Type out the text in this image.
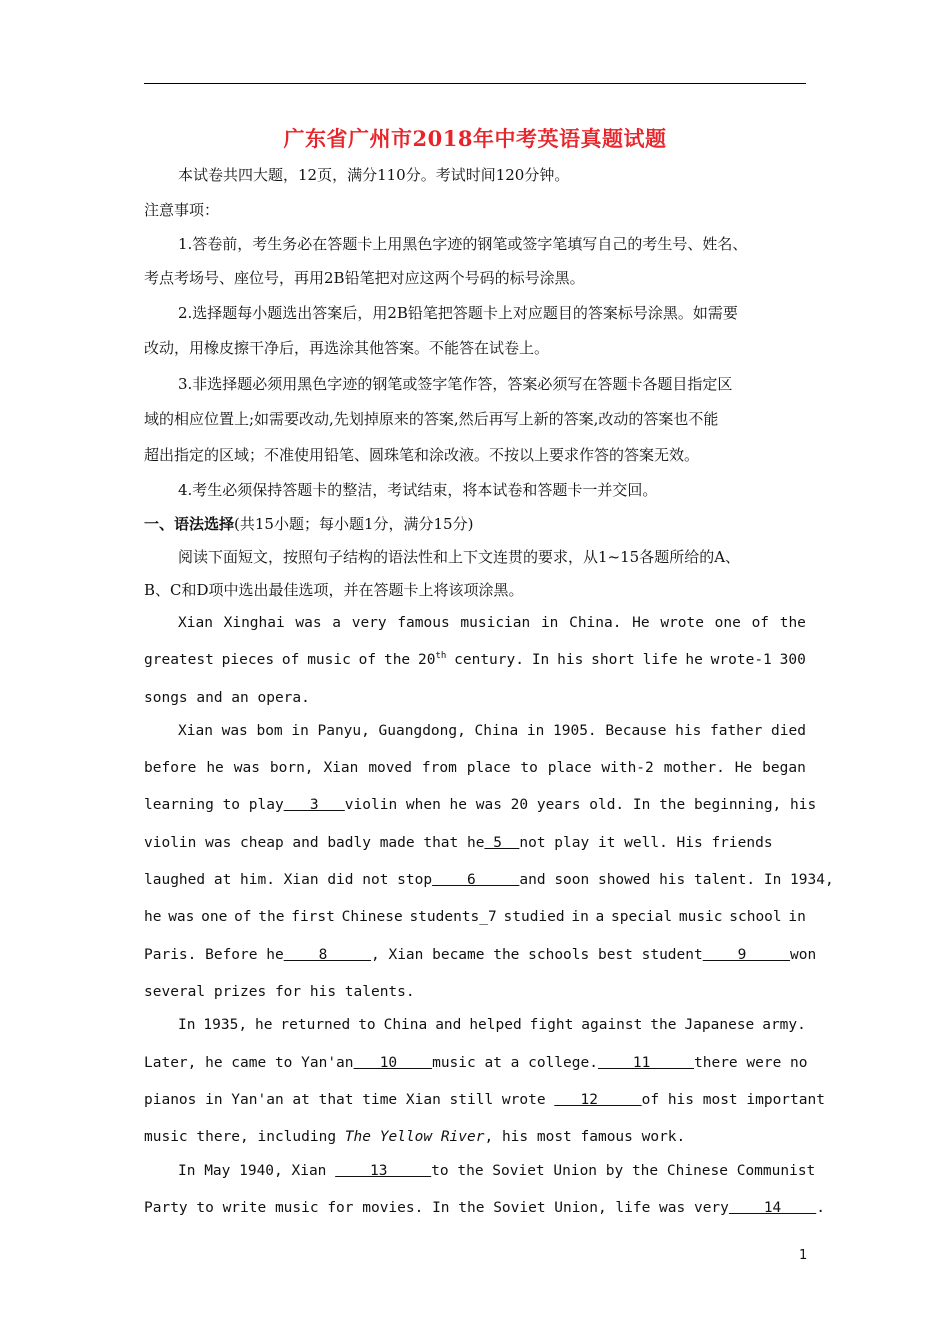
广东省广州市2018年中考英语真题试题
本试卷共四大题，12页，满分110分。考试时间120分钟。
注意事项：
1.答卷前，考生务必在答题卡上用黑色字迹的钢笔或签字笔填写自己的考生号、姓名、
考点考场号、座位号，再用2B铅笔把对应这两个号码的标号涂黑。
2.选择题每小题选出答案后，用2B铅笔把答题卡上对应题目的答案标号涂黑。如需要
改动，用橡皮擦干净后，再选涂其他答案。不能答在试卷上。
3.非选择题必须用黑色字迹的钢笔或签字笔作答，答案必须写在答题卡各题目指定区
域的相应位置上;如需要改动,先划掉原来的答案,然后再写上新的答案,改动的答案也不能
超出指定的区域；不准使用铅笔、圆珠笔和涂改液。不按以上要求作答的答案无效。
4.考生必须保持答题卡的整洁，考试结束，将本试卷和答题卡一并交回。
一、语法选择(共15小题；每小题1分，满分15分)
阅读下面短文，按照句子结构的语法性和上下文连贯的要求，从1~15各题所给的A、
B、C和D项中选出最佳选项，并在答题卡上将该项涂黑。
Xian Xinghai was a very famous musician in China. He wrote one of the
greatest pieces of music of the 20th century. In his short life he wrote-1 300
songs and an opera.
Xian was bom in Panyu, Guangdong, China in 1905. Because his father died
before he was born, Xian moved from place to place with-2 mother. He began
learning to play   3   violin when he was 20 years old. In the beginning, his
violin was cheap and badly made that he 5  not play it well. His friends
laughed at him. Xian did not stop    6     and soon showed his talent. In 1934,
he was one of the first Chinese students_7 studied in a special music school in
Paris. Before he    8     , Xian became the schools best student    9     won
several prizes for his talents.
In 1935, he returned to China and helped fight against the Japanese army.
Later, he came to Yan'an   10    music at a college.    11     there were no
pianos in Yan'an at that time Xian still wrote    12     of his most important
music there, including The Yellow River, his most famous work.
In May 1940, Xian     13     to the Soviet Union by the Chinese Communist
Party to write music for movies. In the Soviet Union, life was very    14    .
1
